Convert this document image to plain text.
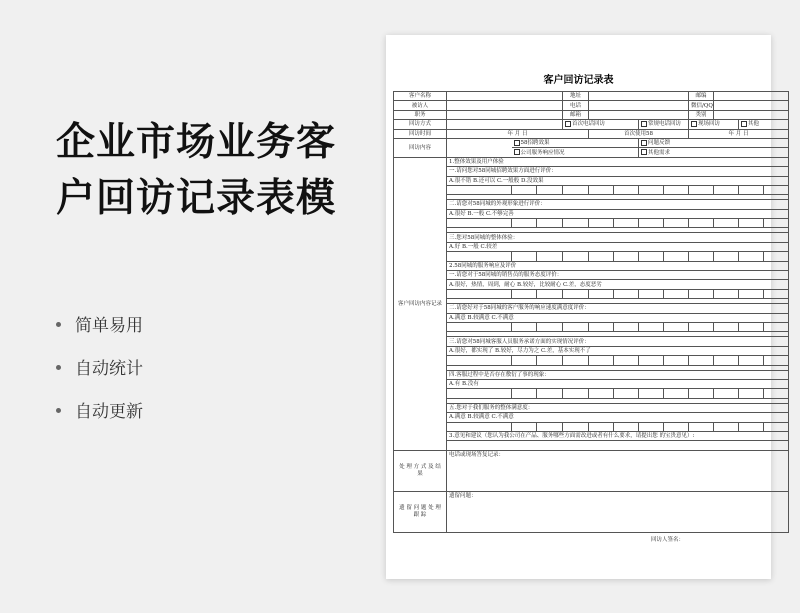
企业市场业务客户回访记录表模
简单易用
自动统计
自动更新
客户回访记录表
客户名称				地址					邮编			
被访人				电话					微信/QQ			
职务				邮箱					类别			
回访方式				首次电话回访			常规电话回访		现场回访		其他	
回访时间	年 月 日				首次使用58				年 月 日			
回访内容		58招聘效果					问题反馈					
		公司服务响应情况					其他需求					
客户回访内容记录	1.整体效果及用户体验											
	一.请问您对58同城招聘效果方面进行评价：											
	A.很不错 B.还可以 C.一般般 D.没效果											

	二.请您对58同城的外观形象进行评价：											
	A.很好 B.一般 C.不够完善											

	三.您对58同城的整体体验：											
	A.好 B.一般 C.较差											

	2.58同城的服务响应及评价											
	一.请您对于58同城的销售员的服务态度评价：											
	A.很好，热情，周到，耐心 B.较好，比较耐心 C.差，态度恶劣											

	二.请您好对于58同城的客户服务的响应速度满意度评价：											
	A.满意 B.较满意 C.不满意											

	三.请您对58同城客服人员服务承诺方面的实现情况评价：											
	A.很好，都实现了 B.较好，尽力为之 C.差，基本实现不了											

	四.客服过程中是否存在敷衍了事的现象：											
	A.有 B.没有											

	五.您对于我们服务的整体满意度：											
	A.满意 B.较满意 C.不满意											

	3.意见和建议（您认为我公司在产品、服务哪些方面需改进或者有什么要求，请提出您 的宝贵意见）:											

处 理 方 式 及 结 果	电话或现场答复记录：											
遗 留 问 题 处 理 跟 踪	遗留问题：											
回访人签名：
